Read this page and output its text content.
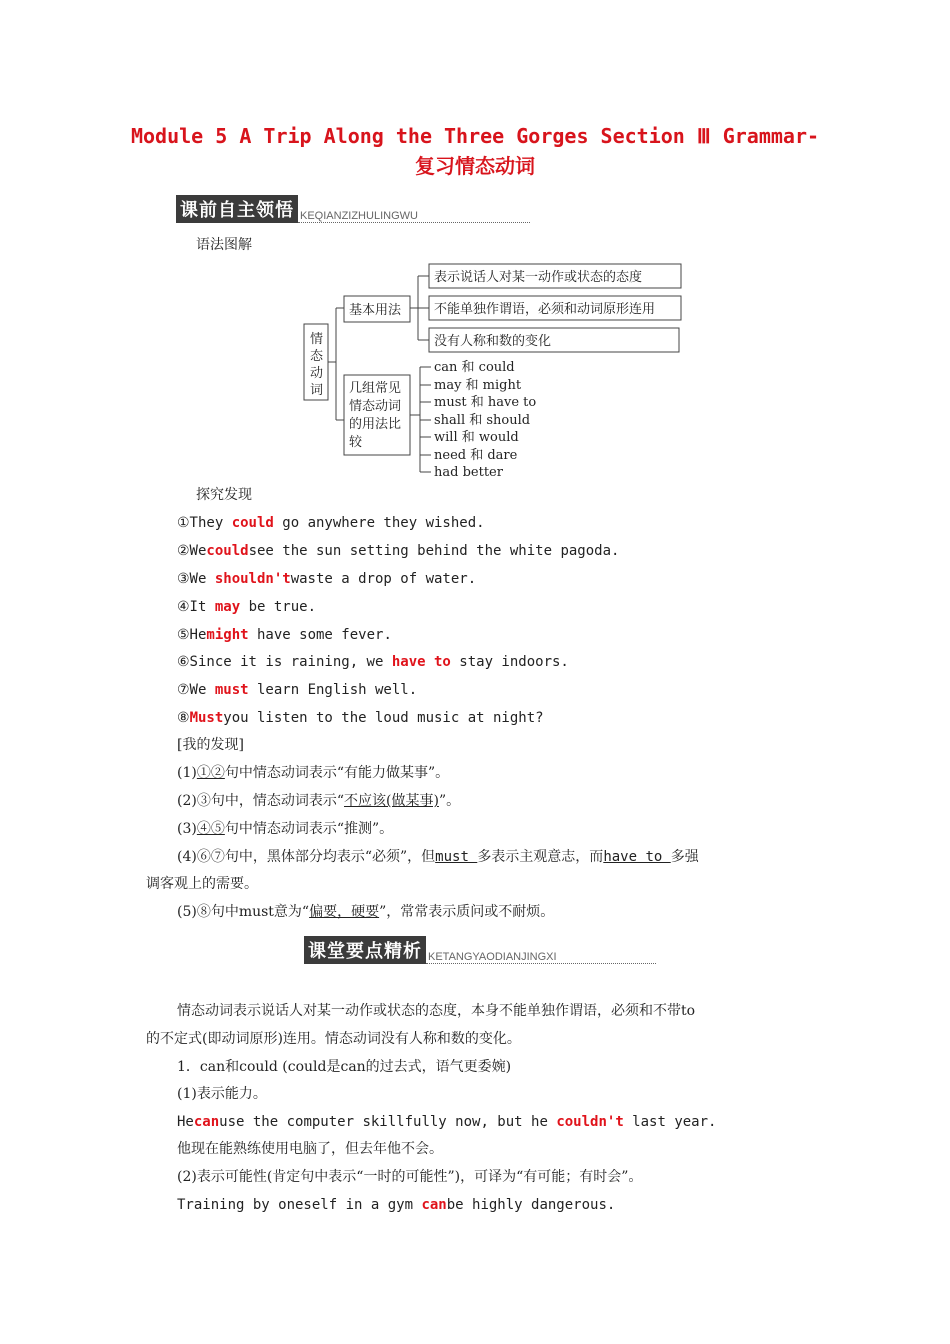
Module 5 A Trip Along the Three Gorges Section Ⅲ Grammar-
复习情态动词
课前自主领悟 KEQIANZIZHULINGWU
语法图解
情
态
动
词
基本用法
表示说话人对某一动作或状态的态度
不能单独作谓语，必须和动词原形连用
没有人称和数的变化
几组常见
情态动词
的用法比
较
can 和 could
may 和 might
must 和 have to
shall 和 should
will 和 would
need 和 dare
had better
探究发现
①They could go anywhere they wished.
②Wecouldsee the sun setting behind the white pagoda.
③We shouldn'twaste a drop of water.
④It may be true.
⑤Hemight have some fever.
⑥Since it is raining, we have to stay indoors.
⑦We must learn English well.
⑧Mustyou listen to the loud music at night?
[我的发现]
(1)①②句中情态动词表示“有能力做某事”。
(2)③句中，情态动词表示“不应该(做某事)”。
(3)④⑤句中情态动词表示“推测”。
(4)⑥⑦句中，黑体部分均表示“必须”，但must 多表示主观意志，而have to 多强
调客观上的需要。
(5)⑧句中must意为“偏要，硬要”，常常表示质问或不耐烦。
课堂要点精析 KETANGYAODIANJINGXI
情态动词表示说话人对某一动作或状态的态度，本身不能单独作谓语，必须和不带to
的不定式(即动词原形)连用。情态动词没有人称和数的变化。
1．can和could (could是can的过去式，语气更委婉)
(1)表示能力。
Hecanuse the computer skillfully now, but he couldn't last year.
他现在能熟练使用电脑了，但去年他不会。
(2)表示可能性(肯定句中表示“一时的可能性”)，可译为“有可能；有时会”。
Training by oneself in a gym canbe highly dangerous.
